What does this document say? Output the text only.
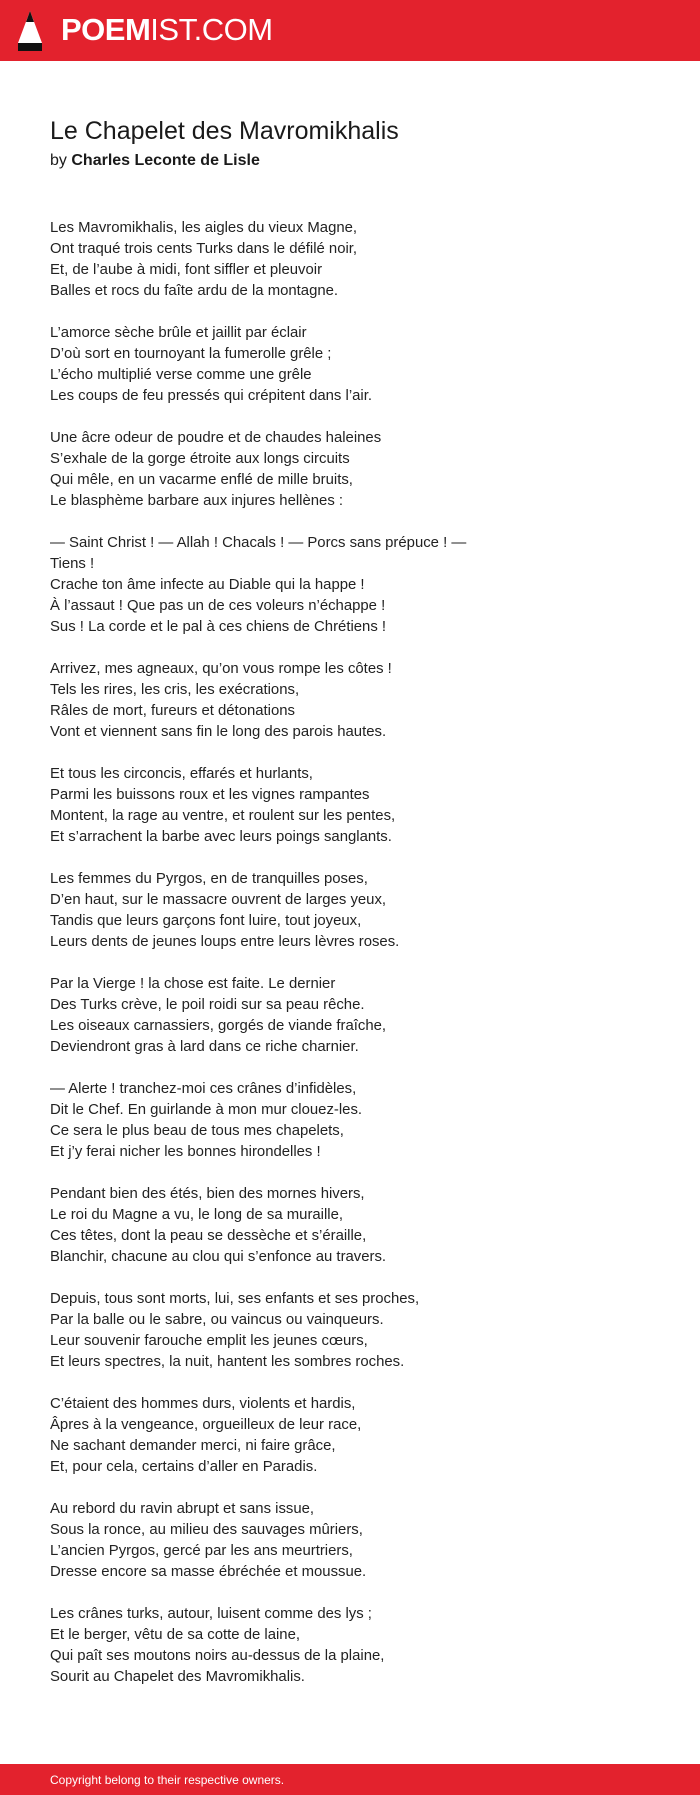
POEMIST.COM
Le Chapelet des Mavromikhalis
by Charles Leconte de Lisle
Les Mavromikhalis, les aigles du vieux Magne,
Ont traqué trois cents Turks dans le défilé noir,
Et, de l’aube à midi, font siffler et pleuvoir
Balles et rocs du faîte ardu de la montagne.
L’amorce sèche brûle et jaillit par éclair
D’où sort en tournoyant la fumerolle grêle ;
L’écho multiplié verse comme une grêle
Les coups de feu pressés qui crépitent dans l’air.
Une âcre odeur de poudre et de chaudes haleines
S’exhale de la gorge étroite aux longs circuits
Qui mêle, en un vacarme enflé de mille bruits,
Le blasphème barbare aux injures hellènes :
— Saint Christ ! — Allah ! Chacals ! — Porcs sans prépuce ! —
Tiens !
Crache ton âme infecte au Diable qui la happe !
À l’assaut ! Que pas un de ces voleurs n’échappe !
Sus ! La corde et le pal à ces chiens de Chrétiens !
Arrivez, mes agneaux, qu’on vous rompe les côtes !
Tels les rires, les cris, les exécrations,
Râles de mort, fureurs et détonations
Vont et viennent sans fin le long des parois hautes.
Et tous les circoncis, effarés et hurlants,
Parmi les buissons roux et les vignes rampantes
Montent, la rage au ventre, et roulent sur les pentes,
Et s’arrachent la barbe avec leurs poings sanglants.
Les femmes du Pyrgos, en de tranquilles poses,
D’en haut, sur le massacre ouvrent de larges yeux,
Tandis que leurs garçons font luire, tout joyeux,
Leurs dents de jeunes loups entre leurs lèvres roses.
Par la Vierge ! la chose est faite. Le dernier
Des Turks crève, le poil roidi sur sa peau rêche.
Les oiseaux carnassiers, gorgés de viande fraîche,
Deviendront gras à lard dans ce riche charnier.
— Alerte ! tranchez-moi ces crânes d’infidèles,
Dit le Chef. En guirlande à mon mur clouez-les.
Ce sera le plus beau de tous mes chapelets,
Et j’y ferai nicher les bonnes hirondelles !
Pendant bien des étés, bien des mornes hivers,
Le roi du Magne a vu, le long de sa muraille,
Ces têtes, dont la peau se dessèche et s’éraille,
Blanchir, chacune au clou qui s’enfonce au travers.
Depuis, tous sont morts, lui, ses enfants et ses proches,
Par la balle ou le sabre, ou vaincus ou vainqueurs.
Leur souvenir farouche emplit les jeunes cœurs,
Et leurs spectres, la nuit, hantent les sombres roches.
C’étaient des hommes durs, violents et hardis,
Âpres à la vengeance, orgueilleux de leur race,
Ne sachant demander merci, ni faire grâce,
Et, pour cela, certains d’aller en Paradis.
Au rebord du ravin abrupt et sans issue,
Sous la ronce, au milieu des sauvages mûriers,
L’ancien Pyrgos, gercé par les ans meurtriers,
Dresse encore sa masse ébréchée et moussue.
Les crânes turks, autour, luisent comme des lys ;
Et le berger, vêtu de sa cotte de laine,
Qui paît ses moutons noirs au-dessus de la plaine,
Sourit au Chapelet des Mavromikhalis.
Copyright belong to their respective owners.
